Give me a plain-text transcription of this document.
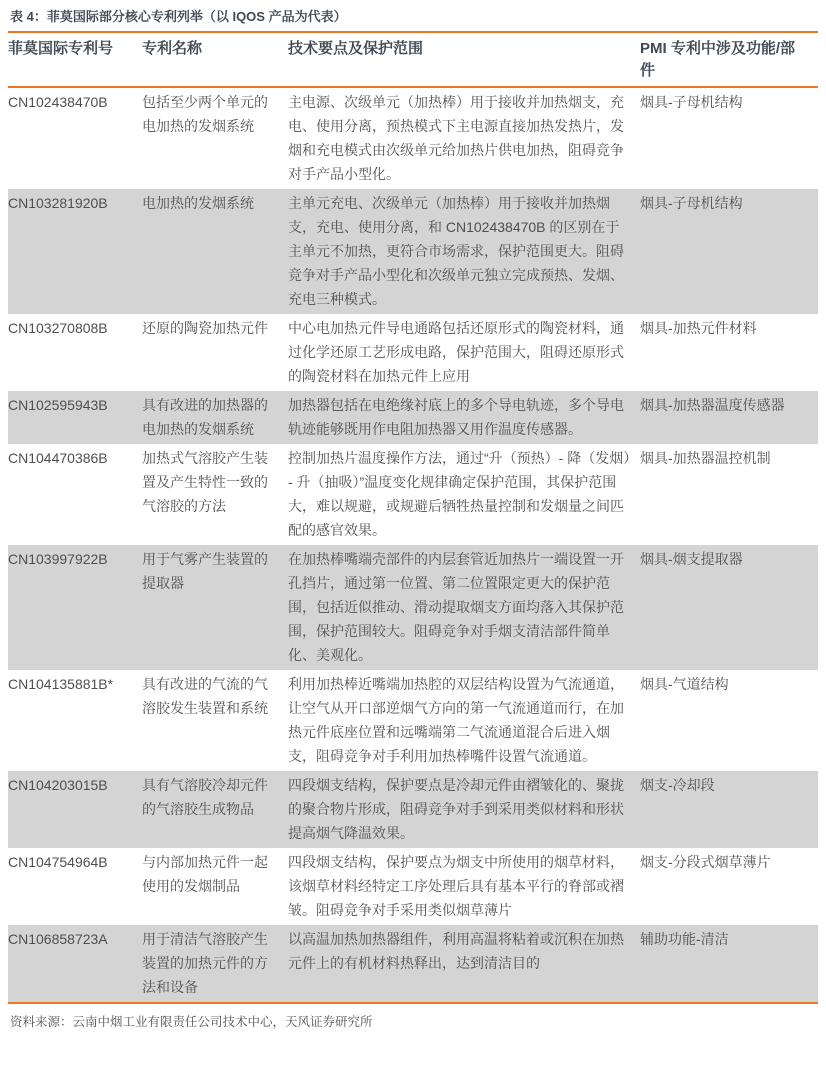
表 4：菲莫国际部分核心专利列举（以 IQOS 产品为代表）
菲莫国际专利号	专利名称	技术要点及保护范围	PMI 专利中涉及功能/部件
CN102438470B	包括至少两个单元的电加热的发烟系统	主电源、次级单元（加热棒）用于接收并加热烟支，充电、使用分离，预热模式下主电源直接加热发热片，发烟和充电模式由次级单元给加热片供电加热，阻碍竞争对手产品小型化。	烟具-子母机结构
CN103281920B	电加热的发烟系统	主单元充电、次级单元（加热棒）用于接收并加热烟支，充电、使用分离，和 CN102438470B 的区别在于主单元不加热，更符合市场需求，保护范围更大。阻碍竞争对手产品小型化和次级单元独立完成预热、发烟、充电三种模式。	烟具-子母机结构
CN103270808B	还原的陶瓷加热元件	中心电加热元件导电通路包括还原形式的陶瓷材料，通过化学还原工艺形成电路，保护范围大，阻碍还原形式的陶瓷材料在加热元件上应用	烟具-加热元件材料
CN102595943B	具有改进的加热器的电加热的发烟系统	加热器包括在电绝缘衬底上的多个导电轨迹，多个导电轨迹能够既用作电阻加热器又用作温度传感器。	烟具-加热器温度传感器
CN104470386B	加热式气溶胶产生装置及产生特性一致的气溶胶的方法	控制加热片温度操作方法，通过“升（预热）- 降（发烟）- 升（抽吸）”温度变化规律确定保护范围，其保护范围大，难以规避，或规避后牺牲热量控制和发烟量之间匹配的感官效果。	烟具-加热器温控机制
CN103997922B	用于气雾产生装置的提取器	在加热棒嘴端壳部件的内层套管近加热片一端设置一开孔挡片，通过第一位置、第二位置限定更大的保护范围，包括近似推动、滑动提取烟支方面均落入其保护范围，保护范围较大。阻碍竞争对手烟支清洁部件简单化、美观化。	烟具-烟支提取器
CN104135881B*	具有改进的气流的气溶胶发生装置和系统	利用加热棒近嘴端加热腔的双层结构设置为气流通道，让空气从开口部逆烟气方向的第一气流通道而行，在加热元件底座位置和远嘴端第二气流通道混合后进入烟支，阻碍竞争对手利用加热棒嘴件设置气流通道。	烟具-气道结构
CN104203015B	具有气溶胶冷却元件的气溶胶生成物品	四段烟支结构，保护要点是冷却元件由褶皱化的、聚拢的聚合物片形成，阻碍竞争对手到采用类似材料和形状提高烟气降温效果。	烟支-冷却段
CN104754964B	与内部加热元件一起使用的发烟制品	四段烟支结构，保护要点为烟支中所使用的烟草材料，该烟草材料经特定工序处理后具有基本平行的脊部或褶皱。阻碍竞争对手采用类似烟草薄片	烟支-分段式烟草薄片
CN106858723A	用于清洁气溶胶产生装置的加热元件的方法和设备	以高温加热加热器组件，利用高温将粘着或沉积在加热元件上的有机材料热释出，达到清洁目的	辅助功能-清洁
资料来源：云南中烟工业有限责任公司技术中心，天风证券研究所
